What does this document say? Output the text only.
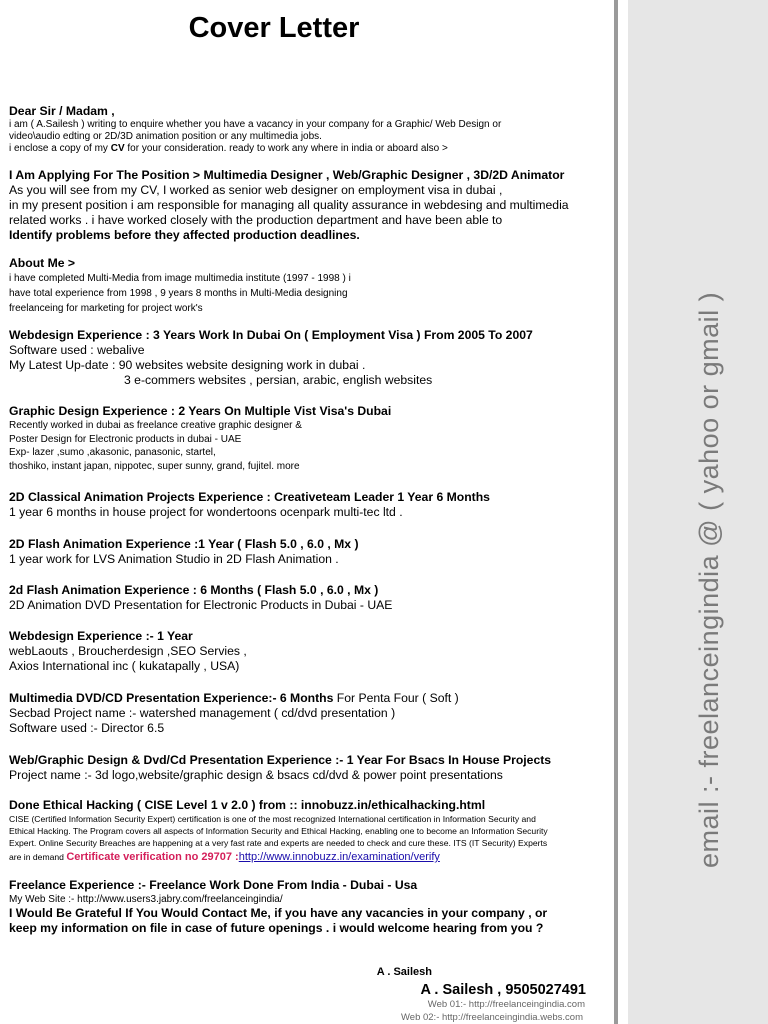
Cover Letter
Dear Sir / Madam ,
i am ( A.Sailesh ) writing to enquire whether you have a vacancy in your company for a Graphic/ Web Design or
video\audio edting or 2D/3D animation position or any multimedia jobs.
i enclose a copy of my CV for your consideration. ready to work any where in india or aboard also >
I Am Applying For The Position > Multimedia Designer , Web/Graphic Designer , 3D/2D Animator
As you will see from my CV, I worked as senior web designer on employment visa in dubai ,
in my present position i am responsible for managing all quality assurance in webdesing and multimedia
related works . i have worked closely with the production department and have been able to
Identify problems before they affected production deadlines.
About Me >
i have completed Multi-Media from image multimedia institute (1997 - 1998 ) i
have total experience from 1998 , 9 years 8 months in Multi-Media designing
freelanceing for marketing for project work's
Webdesign Experience : 3 Years Work In Dubai On ( Employment Visa ) From 2005 To 2007
Software used : webalive
My Latest Up-date : 90 websites website designing work in dubai .
3 e-commers websites , persian, arabic, english websites
Graphic Design Experience : 2 Years On Multiple Vist Visa's Dubai
Recently worked in dubai as freelance creative graphic designer &
Poster Design for Electronic products in dubai - UAE
Exp- lazer ,sumo ,akasonic, panasonic, startel,
thoshiko, instant japan, nippotec, super sunny, grand, fujitel. more
2D Classical Animation Projects Experience : Creativeteam Leader 1 Year 6 Months
1 year 6 months in house project for wondertoons ocenpark multi-tec ltd .
2D Flash Animation Experience :1 Year ( Flash 5.0 , 6.0 , Mx )
1 year work for LVS Animation Studio in 2D Flash Animation .
2d Flash Animation Experience : 6 Months ( Flash 5.0 , 6.0 , Mx )
2D Animation DVD Presentation for Electronic Products in Dubai - UAE
Webdesign Experience :- 1 Year
webLaouts , Broucherdesign ,SEO Servies ,
Axios International inc ( kukatapally , USA)
Multimedia DVD/CD Presentation Experience:- 6 Months For Penta Four ( Soft )
Secbad Project name :- watershed management ( cd/dvd presentation )
Software used :- Director 6.5
Web/Graphic Design & Dvd/Cd Presentation Experience :- 1 Year For Bsacs In House Projects
Project name :- 3d logo,website/graphic design & bsacs cd/dvd & power point presentations
Done Ethical Hacking ( CISE Level 1 v 2.0 ) from :: innobuzz.in/ethicalhacking.html
CISE (Certified Information Security Expert) certification is one of the most recognized International certification in Information Security and
Ethical Hacking. The Program covers all aspects of Information Security and Ethical Hacking, enabling one to become an Information Security
Expert. Online Security Breaches are happening at a very fast rate and experts are needed to check and cure these. ITS (IT Security) Experts
are in demand Certificate verification no 29707 :http://www.innobuzz.in/examination/verify
Freelance Experience :- Freelance Work Done From India - Dubai - Usa
My Web Site :- http://www.users3.jabry.com/freelanceingindia/
I Would Be Grateful If You Would Contact Me, if you have any vacancies in your company , or
keep my information on file in case of future openings . i would welcome hearing from you ?
A . Sailesh
A . Sailesh , 9505027491
Web 01:- http://freelanceingindia.com
Web 02:- http://freelanceingindia.webs.com
email :- freelanceingindia @ ( yahoo or gmail )
